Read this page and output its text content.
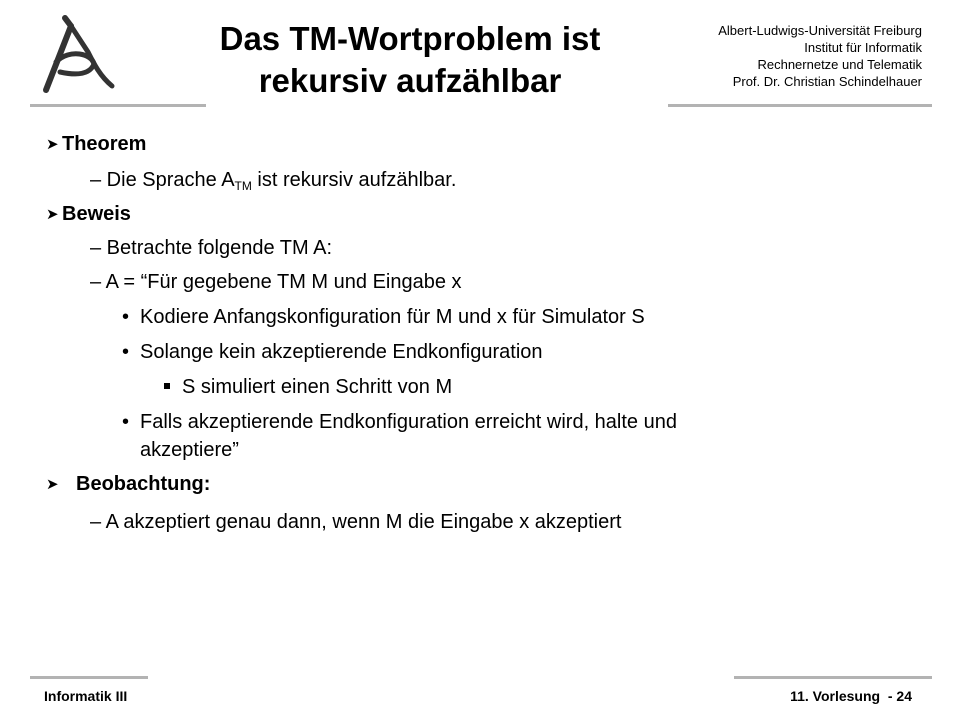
Das TM-Wortproblem ist
rekursiv aufzählbar
Albert-Ludwigs-Universität Freiburg
Institut für Informatik
Rechnernetze und Telematik
Prof. Dr. Christian Schindelhauer
➤ Theorem
– Die Sprache $A_{TM}$ ist rekursiv aufzählbar.
➤ Beweis
– Betrachte folgende TM A:
– A = “Für gegebene TM M und Eingabe x
• Kodiere Anfangskonfiguration für M und x für Simulator S
• Solange kein akzeptierende Endkonfiguration
S simuliert einen Schritt von M
• Falls akzeptierende Endkonfiguration erreicht wird, halte und
akzeptiere”
➤ Beobachtung:
– A akzeptiert genau dann, wenn M die Eingabe x akzeptiert
Informatik III	11. Vorlesung  - 24
